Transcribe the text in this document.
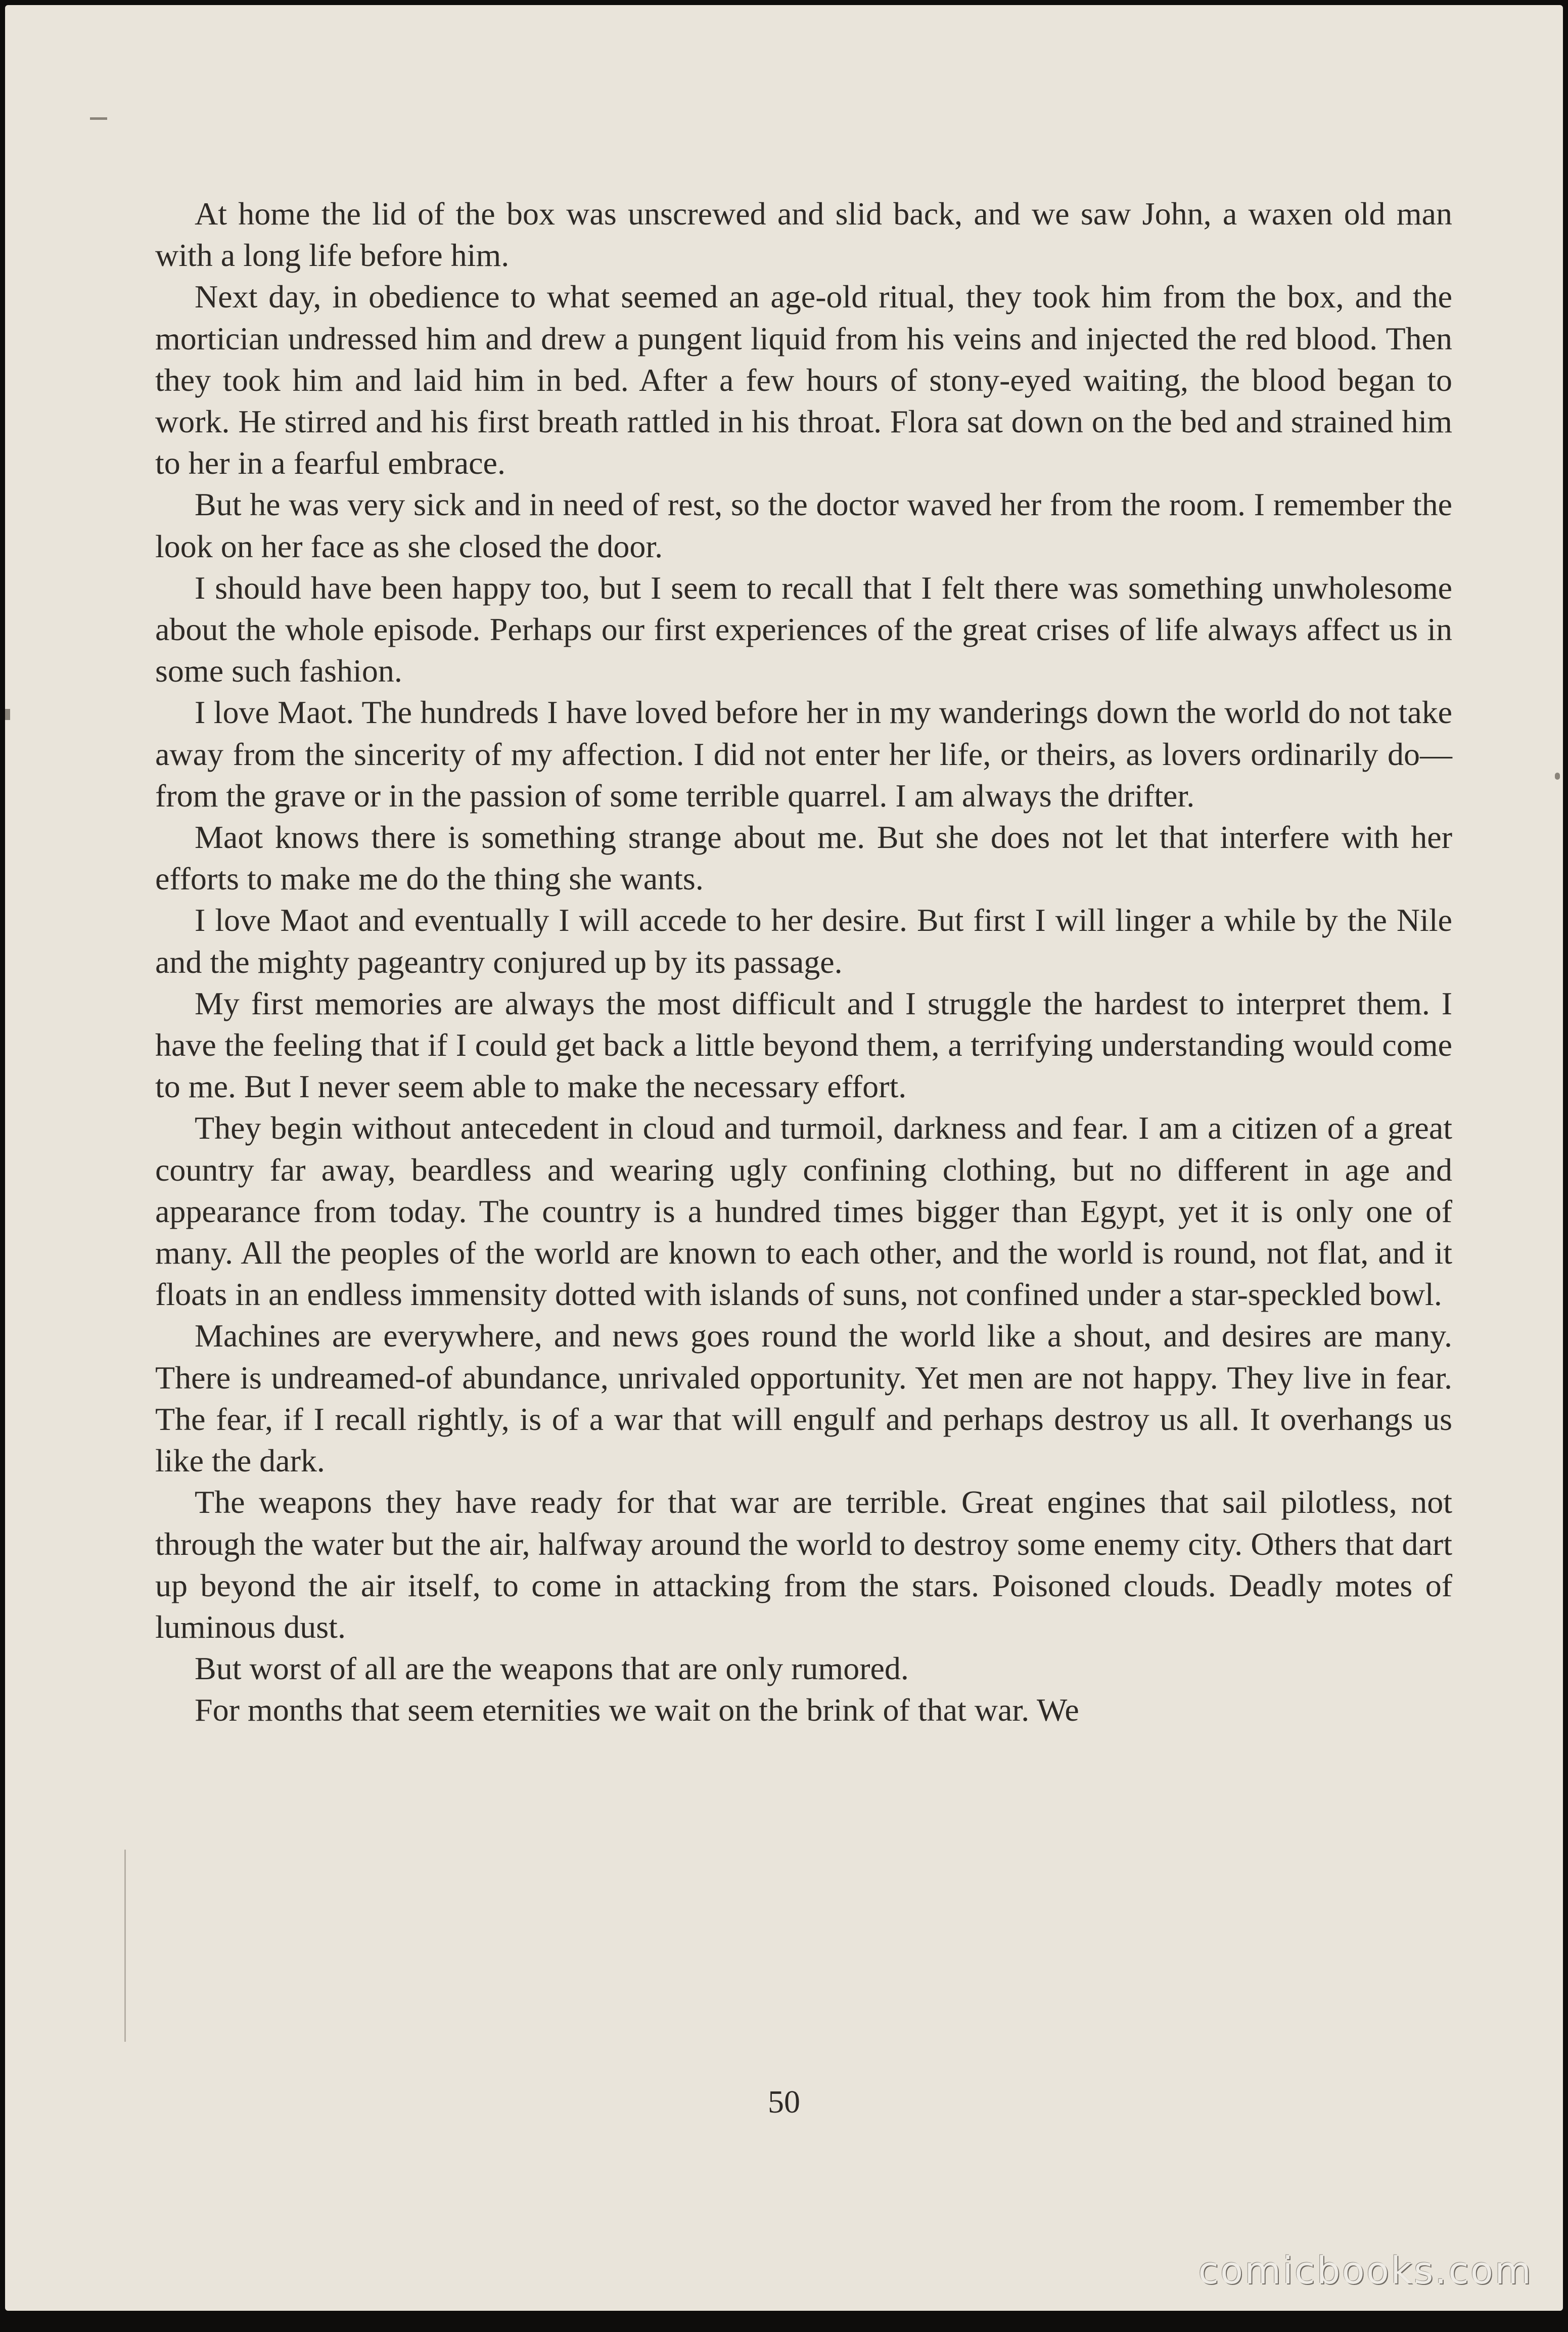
At home the lid of the box was unscrewed and slid back, and we saw John, a waxen old man with a long life before him.

Next day, in obedience to what seemed an age-old ritual, they took him from the box, and the mortician undressed him and drew a pungent liquid from his veins and injected the red blood. Then they took him and laid him in bed. After a few hours of stony-eyed waiting, the blood began to work. He stirred and his first breath rattled in his throat. Flora sat down on the bed and strained him to her in a fearful embrace.

But he was very sick and in need of rest, so the doctor waved her from the room. I remember the look on her face as she closed the door.

I should have been happy too, but I seem to recall that I felt there was something unwholesome about the whole episode. Perhaps our first experiences of the great crises of life always affect us in some such fashion.

I love Maot. The hundreds I have loved before her in my wanderings down the world do not take away from the sincerity of my affection. I did not enter her life, or theirs, as lovers ordinarily do—from the grave or in the passion of some terrible quarrel. I am always the drifter.

Maot knows there is something strange about me. But she does not let that interfere with her efforts to make me do the thing she wants.

I love Maot and eventually I will accede to her desire. But first I will linger a while by the Nile and the mighty pageantry conjured up by its passage.

My first memories are always the most difficult and I struggle the hardest to interpret them. I have the feeling that if I could get back a little beyond them, a terrifying understanding would come to me. But I never seem able to make the necessary effort.

They begin without antecedent in cloud and turmoil, darkness and fear. I am a citizen of a great country far away, beardless and wearing ugly confining clothing, but no different in age and appearance from today. The country is a hundred times bigger than Egypt, yet it is only one of many. All the peoples of the world are known to each other, and the world is round, not flat, and it floats in an endless immensity dotted with islands of suns, not confined under a star-speckled bowl.

Machines are everywhere, and news goes round the world like a shout, and desires are many. There is undreamed-of abundance, unrivaled opportunity. Yet men are not happy. They live in fear. The fear, if I recall rightly, is of a war that will engulf and perhaps destroy us all. It overhangs us like the dark.

The weapons they have ready for that war are terrible. Great engines that sail pilotless, not through the water but the air, halfway around the world to destroy some enemy city. Others that dart up beyond the air itself, to come in attacking from the stars. Poisoned clouds. Deadly motes of luminous dust.

But worst of all are the weapons that are only rumored.

For months that seem eternities we wait on the brink of that war. We

50
comicbooks.com
